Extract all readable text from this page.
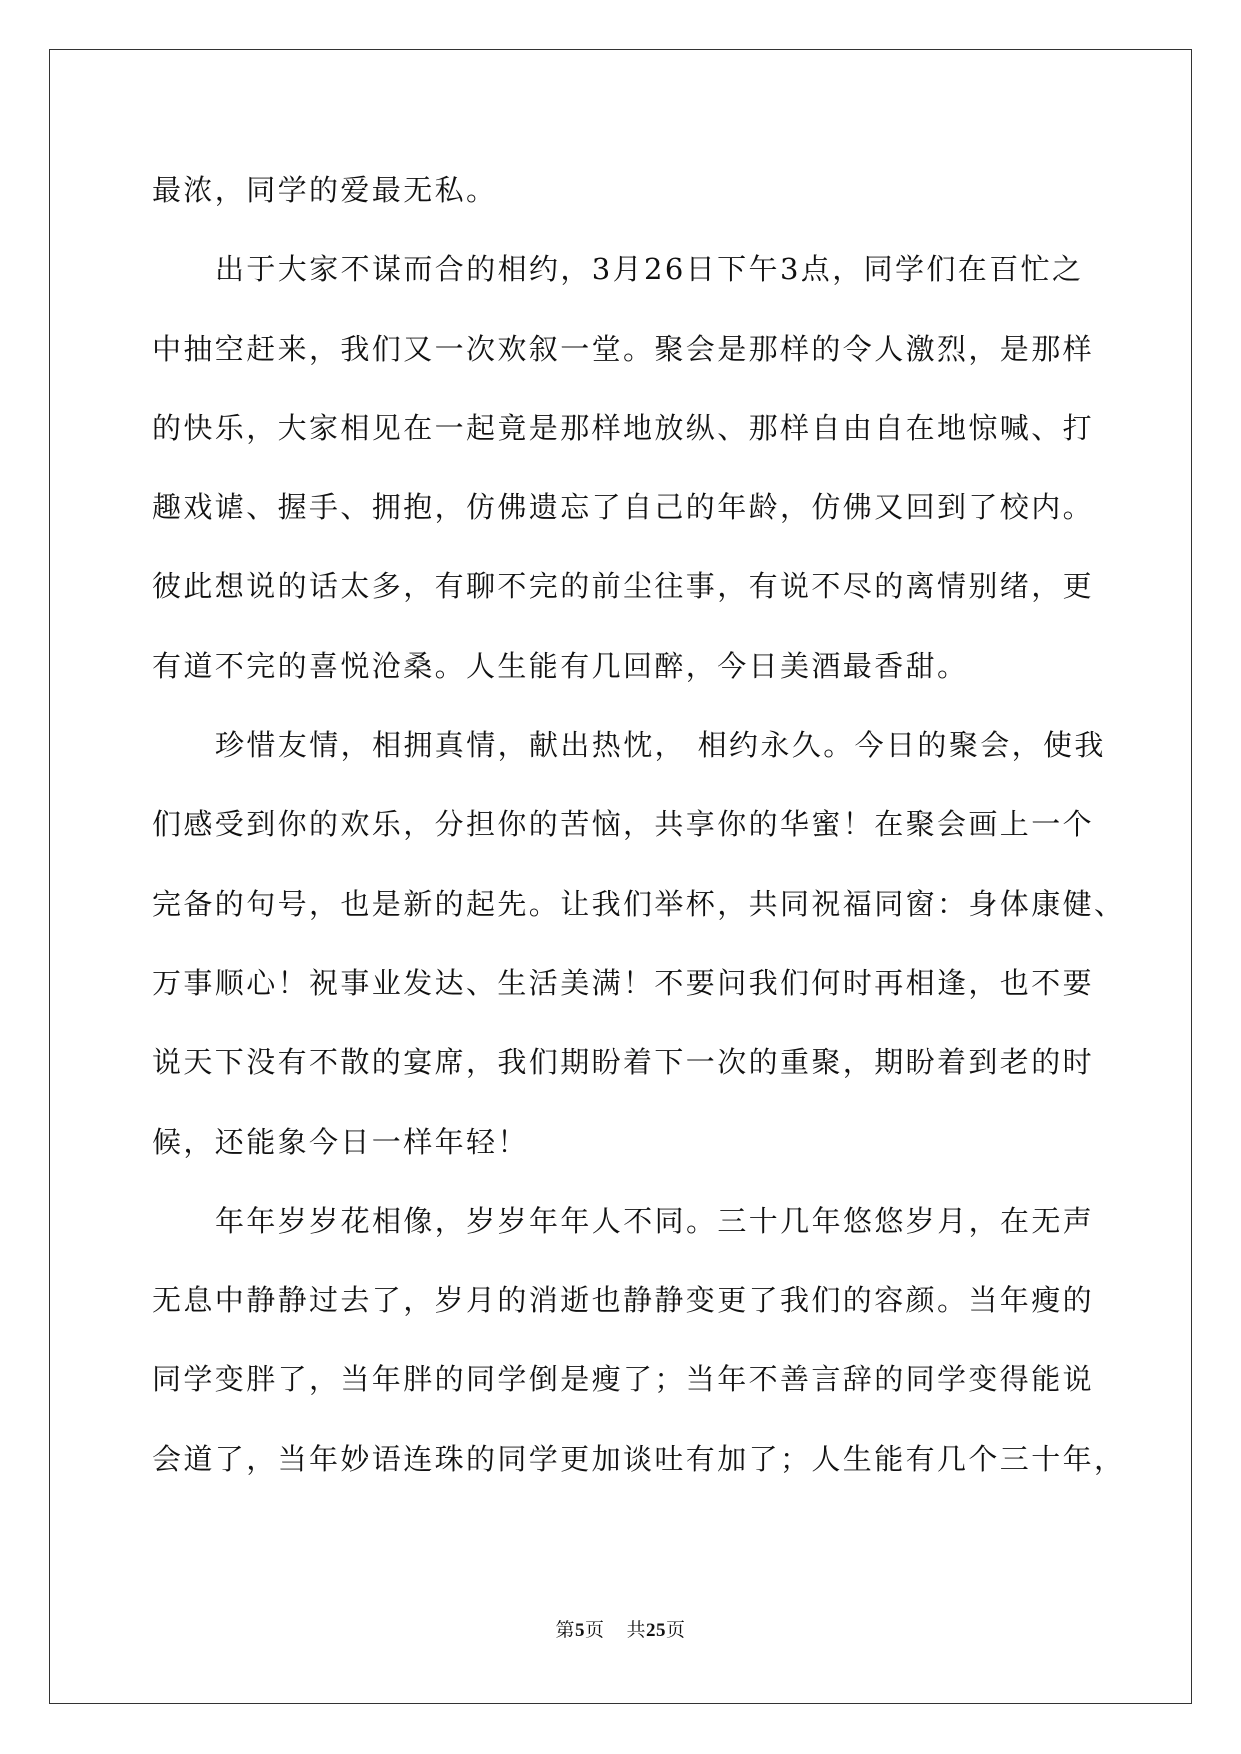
最浓，同学的爱最无私。
出于大家不谋而合的相约，3月26日下午3点，同学们在百忙之
中抽空赶来，我们又一次欢叙一堂。聚会是那样的令人激烈，是那样
的快乐，大家相见在一起竟是那样地放纵、那样自由自在地惊喊、打
趣戏谑、握手、拥抱，仿佛遗忘了自己的年龄，仿佛又回到了校内。
彼此想说的话太多，有聊不完的前尘往事，有说不尽的离情别绪，更
有道不完的喜悦沧桑。人生能有几回醉，今日美酒最香甜。
珍惜友情，相拥真情，献出热忱， 相约永久。今日的聚会，使我
们感受到你的欢乐，分担你的苦恼，共享你的华蜜！在聚会画上一个
完备的句号，也是新的起先。让我们举杯，共同祝福同窗：身体康健、
万事顺心！祝事业发达、生活美满！不要问我们何时再相逢，也不要
说天下没有不散的宴席，我们期盼着下一次的重聚，期盼着到老的时
候，还能象今日一样年轻！
年年岁岁花相像，岁岁年年人不同。三十几年悠悠岁月，在无声
无息中静静过去了，岁月的消逝也静静变更了我们的容颜。当年瘦的
同学变胖了，当年胖的同学倒是瘦了；当年不善言辞的同学变得能说
会道了，当年妙语连珠的同学更加谈吐有加了；人生能有几个三十年，
第5页 共25页
